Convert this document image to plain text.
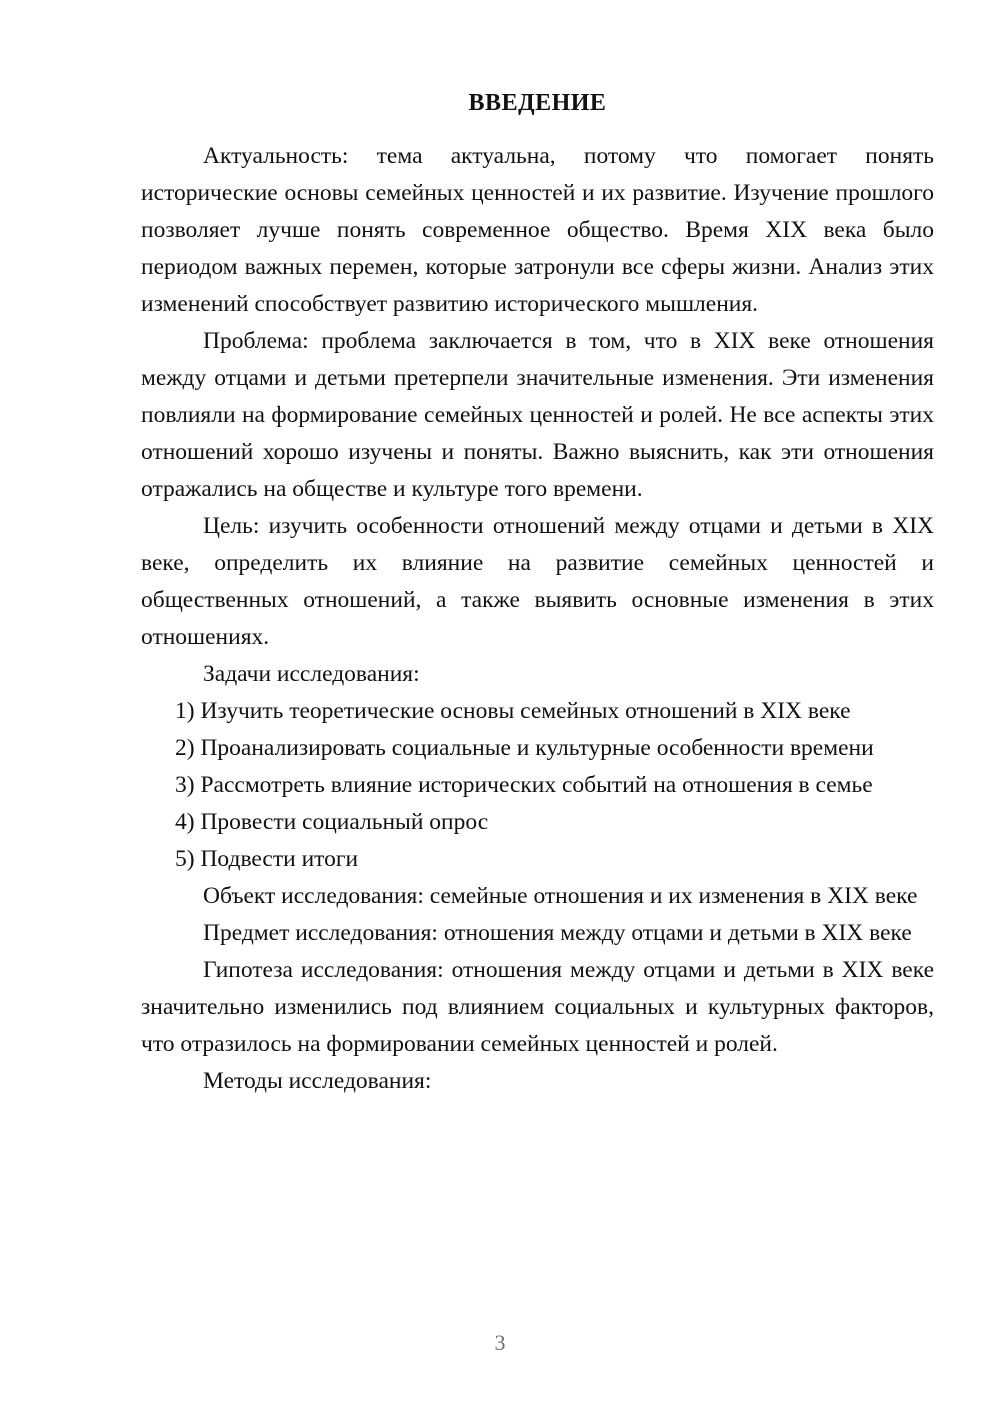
ВВЕДЕНИЕ

Актуальность: тема актуальна, потому что помогает понять исторические основы семейных ценностей и их развитие. Изучение прошлого позволяет лучше понять современное общество. Время XIX века было периодом важных перемен, которые затронули все сферы жизни. Анализ этих изменений способствует развитию исторического мышления.

Проблема: проблема заключается в том, что в XIX веке отношения между отцами и детьми претерпели значительные изменения. Эти изменения повлияли на формирование семейных ценностей и ролей. Не все аспекты этих отношений хорошо изучены и поняты. Важно выяснить, как эти отношения отражались на обществе и культуре того времени.

Цель: изучить особенности отношений между отцами и детьми в XIX веке, определить их влияние на развитие семейных ценностей и общественных отношений, а также выявить основные изменения в этих отношениях.

Задачи исследования:

1) Изучить теоретические основы семейных отношений в XIX веке
2) Проанализировать социальные и культурные особенности времени
3) Рассмотреть влияние исторических событий на отношения в семье
4) Провести социальный опрос
5) Подвести итоги

Объект исследования: семейные отношения и их изменения в XIX веке

Предмет исследования: отношения между отцами и детьми в XIX веке

Гипотеза исследования: отношения между отцами и детьми в XIX веке значительно изменились под влиянием социальных и культурных факторов, что отразилось на формировании семейных ценностей и ролей.

Методы исследования:

3
